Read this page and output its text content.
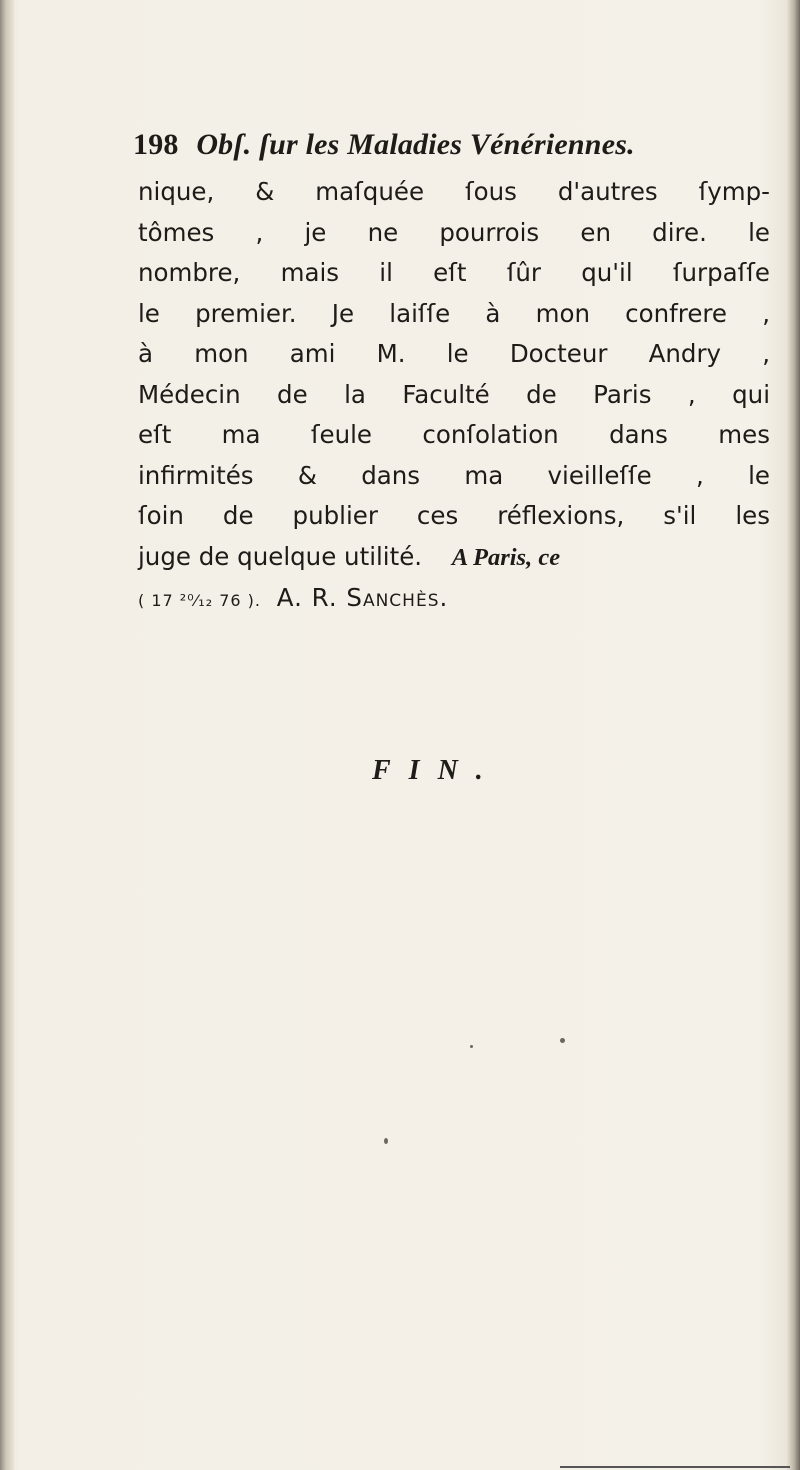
198 Obſ. ſur les Maladies Vénériennes.
nique, & maſquée ſous d'autres ſymp-
tômes , je ne pourrois en dire. le
nombre, mais il eſt ſûr qu'il ſurpaſſe
le premier. Je laiſſe à mon confrere ,
à mon ami M. le Docteur Andry ,
Médecin de la Faculté de Paris , qui
eſt ma ſeule conſolation dans mes
infirmités & dans ma vieilleſſe , le
ſoin de publier ces réflexions, s'il les
juge de quelque utilité. A Paris, ce
( 17 ²⁰⁄₁₂ 76 ). A. R. Sanchès.
FIN.
